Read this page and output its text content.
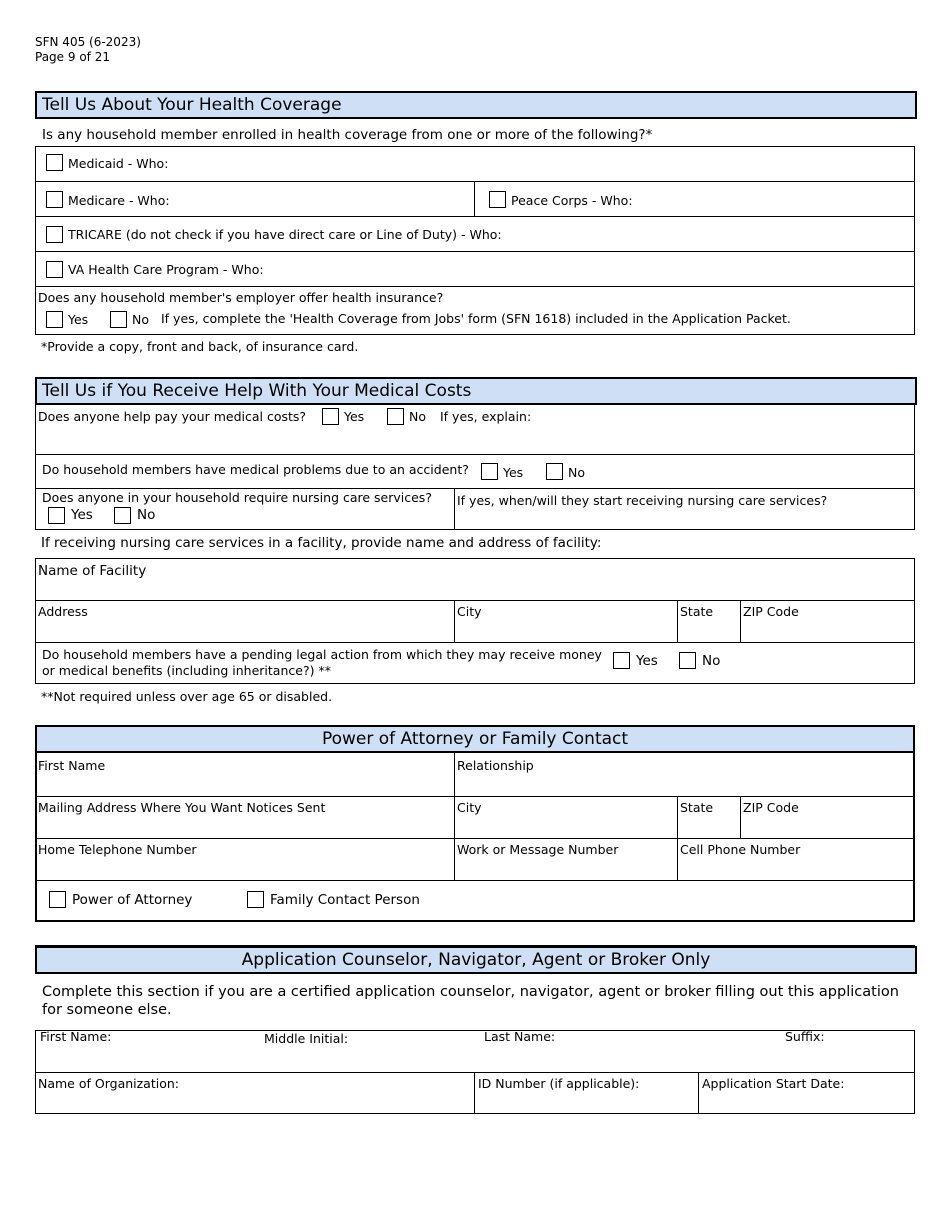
SFN 405 (6-2023)
Page 9 of 21
Tell Us About Your Health Coverage
Is any household member enrolled in health coverage from one or more of the following?*
Medicaid - Who:
Medicare - Who:	Peace Corps - Who:
TRICARE (do not check if you have direct care or Line of Duty) - Who:
VA Health Care Program - Who:
Does any household member's employer offer health insurance?
Yes	No If yes, complete the 'Health Coverage from Jobs' form (SFN 1618) included in the Application Packet.
*Provide a copy, front and back, of insurance card.
Tell Us if You Receive Help With Your Medical Costs
Does anyone help pay your medical costs?	Yes	No If yes, explain:
Do household members have medical problems due to an accident?	Yes	No
Does anyone in your household require nursing care services?
Yes	No
If yes, when/will they start receiving nursing care services?
If receiving nursing care services in a facility, provide name and address of facility:
Name of Facility
Address	City	State ZIP Code
Do household members have a pending legal action from which they may receive money
or medical benefits (including inheritance?) **
Yes	No
**Not required unless over age 65 or disabled.
Power of Attorney or Family Contact
First Name	Relationship
Mailing Address Where You Want Notices Sent	City	State ZIP Code
Home Telephone Number	Work or Message Number	Cell Phone Number
Power of Attorney	Family Contact Person
Application Counselor, Navigator, Agent or Broker Only
Complete this section if you are a certified application counselor, navigator, agent or broker filling out this application
for someone else.
First Name:	Middle Initial:	Last Name:	Suffix:
Name of Organization:	ID Number (if applicable):	Application Start Date:
